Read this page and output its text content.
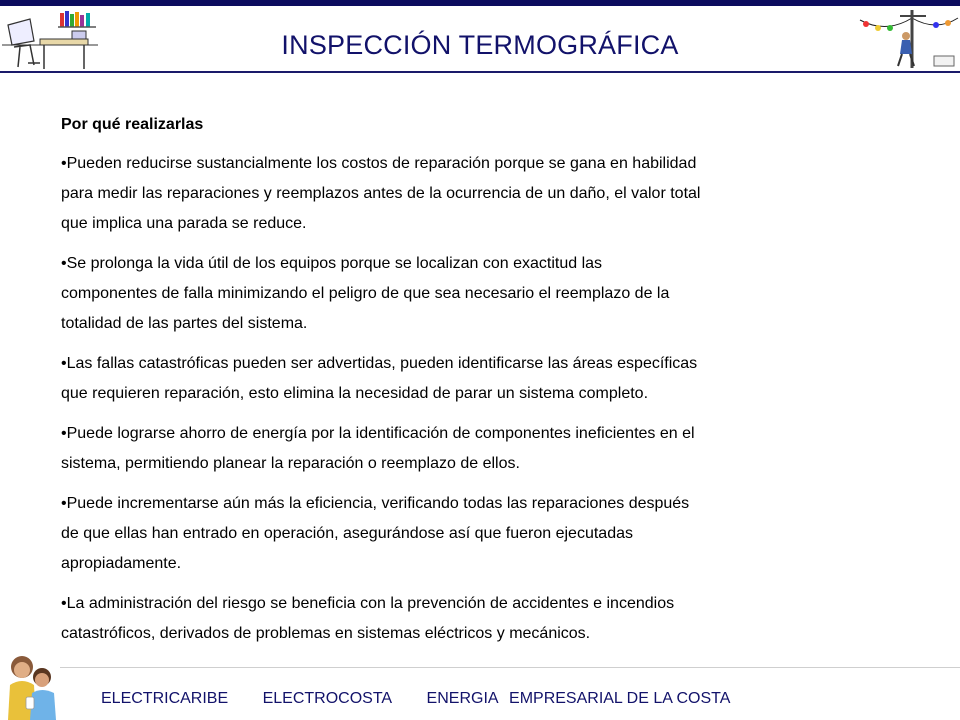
INSPECCIÓN TERMOGRÁFICA
Por qué realizarlas

•Pueden reducirse sustancialmente los costos de reparación porque se gana en habilidad

para medir las reparaciones y reemplazos antes de la ocurrencia de un daño, el valor total

que implica una parada se reduce.

•Se prolonga la vida útil de los equipos porque se localizan con exactitud las

componentes de falla minimizando el peligro de que sea necesario el reemplazo de la

totalidad de las partes del sistema.

•Las fallas catastróficas pueden ser advertidas, pueden identificarse las áreas específicas

que requieren reparación, esto elimina la necesidad de parar un sistema completo.

•Puede lograrse ahorro de energía por la identificación de componentes ineficientes en el

sistema, permitiendo planear la reparación o reemplazo de ellos.

•Puede incrementarse aún más la eficiencia, verificando todas las reparaciones después

de que ellas han entrado en operación, asegurándose así que fueron ejecutadas

apropiadamente.

•La administración del riesgo se beneficia con la prevención de accidentes e incendios

catastróficos, derivados de problemas en sistemas eléctricos y mecánicos.

ELECTRICARIBE ELECTROCOSTA ENERGIA EMPRESARIAL DE LA COSTA
